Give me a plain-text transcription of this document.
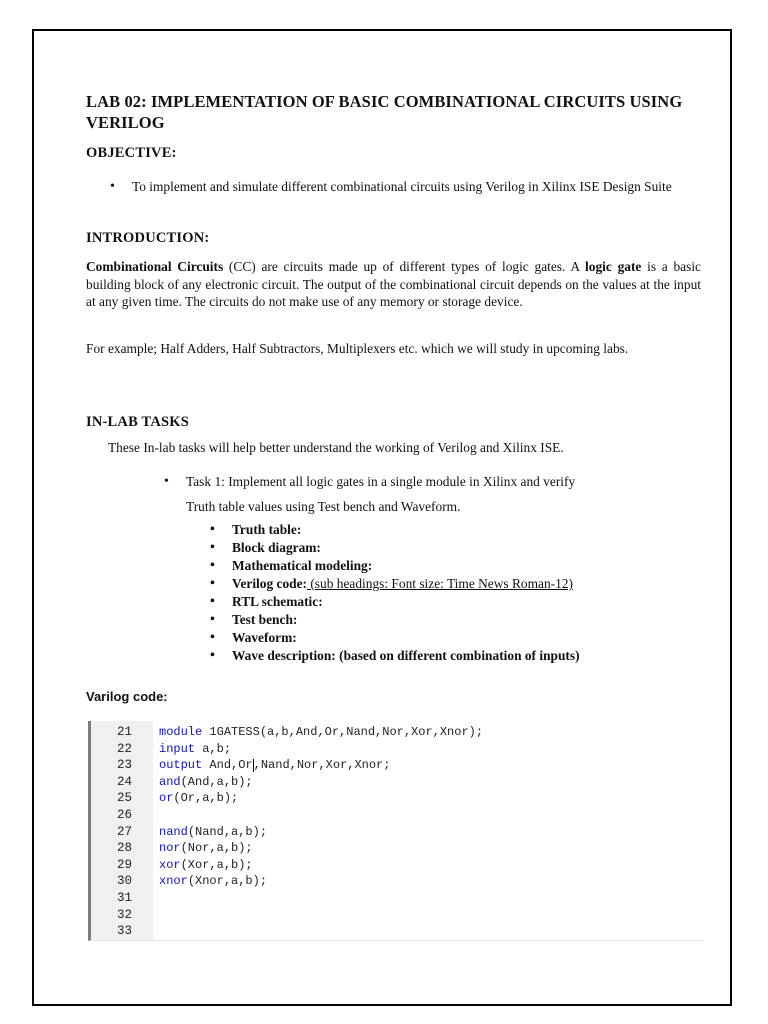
LAB 02: IMPLEMENTATION OF BASIC COMBINATIONAL CIRCUITS USING VERILOG
OBJECTIVE:
• To implement and simulate different combinational circuits using Verilog in Xilinx ISE Design Suite
INTRODUCTION:
Combinational Circuits (CC) are circuits made up of different types of logic gates. A logic gate is a basic building block of any electronic circuit. The output of the combinational circuit depends on the values at the input at any given time. The circuits do not make use of any memory or storage device.
For example; Half Adders, Half Subtractors, Multiplexers etc. which we will study in upcoming labs.
IN-LAB TASKS
These In-lab tasks will help better understand the working of Verilog and Xilinx ISE.
• Task 1: Implement all logic gates in a single module in Xilinx and verify
Truth table values using Test bench and Waveform.
• Truth table:
• Block diagram:
• Mathematical modeling:
• Verilog code: (sub headings: Font size: Time News Roman-12)
• RTL schematic:
• Test bench:
• Waveform:
• Wave description: (based on different combination of inputs)
Varilog code:
21	module 1GATESS(a,b,And,Or,Nand,Nor,Xor,Xnor);
22	input a,b;
23	output And,Or,Nand,Nor,Xor,Xnor;
24	and(And,a,b);
25	or(Or,a,b);
26
27	nand(Nand,a,b);
28	nor(Nor,a,b);
29	xor(Xor,a,b);
30	xnor(Xnor,a,b);
31
32
33
